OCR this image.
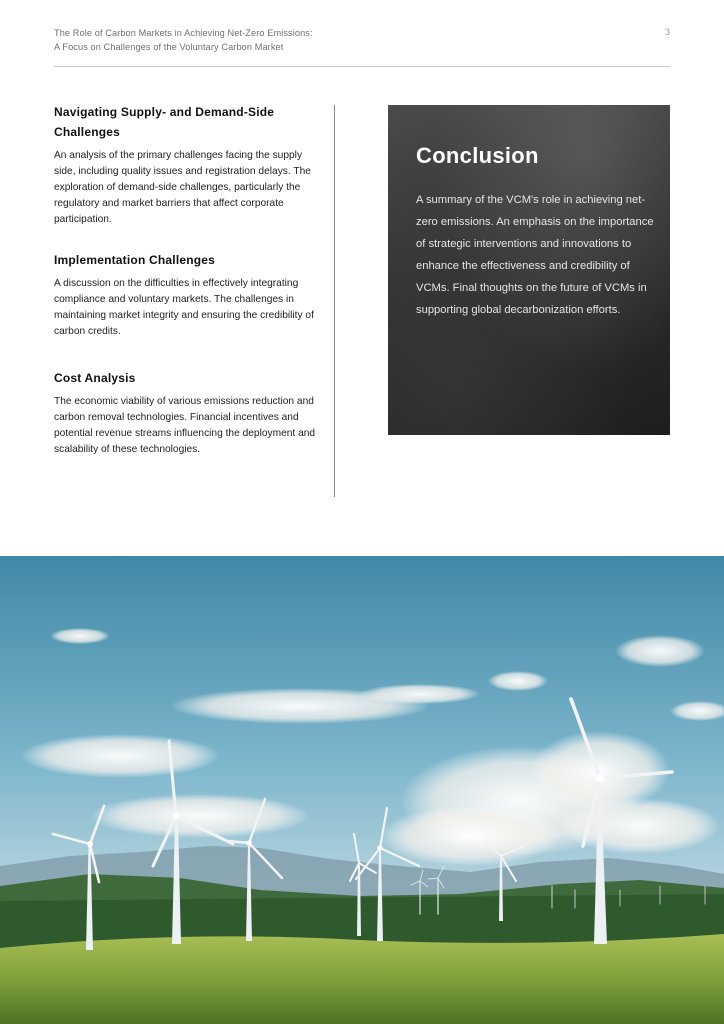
The Role of Carbon Markets in Achieving Net-Zero Emissions:
A Focus on Challenges of the Voluntary Carbon Market
3
Navigating Supply- and Demand-Side Challenges

An analysis of the primary challenges facing the supply side, including quality issues and registration delays. The exploration of demand-side challenges, particularly the regulatory and market barriers that affect corporate participation.

Implementation Challenges

A discussion on the difficulties in effectively integrating compliance and voluntary markets. The challenges in maintaining market integrity and ensuring the credibility of carbon credits.

Cost Analysis

The economic viability of various emissions reduction and carbon removal technologies. Financial incentives and potential revenue streams influencing the deployment and scalability of these technologies.

Conclusion

A summary of the VCM's role in achieving net-zero emissions. An emphasis on the importance of strategic interventions and innovations to enhance the effectiveness and credibility of VCMs. Final thoughts on the future of VCMs in supporting global decarbonization efforts.
